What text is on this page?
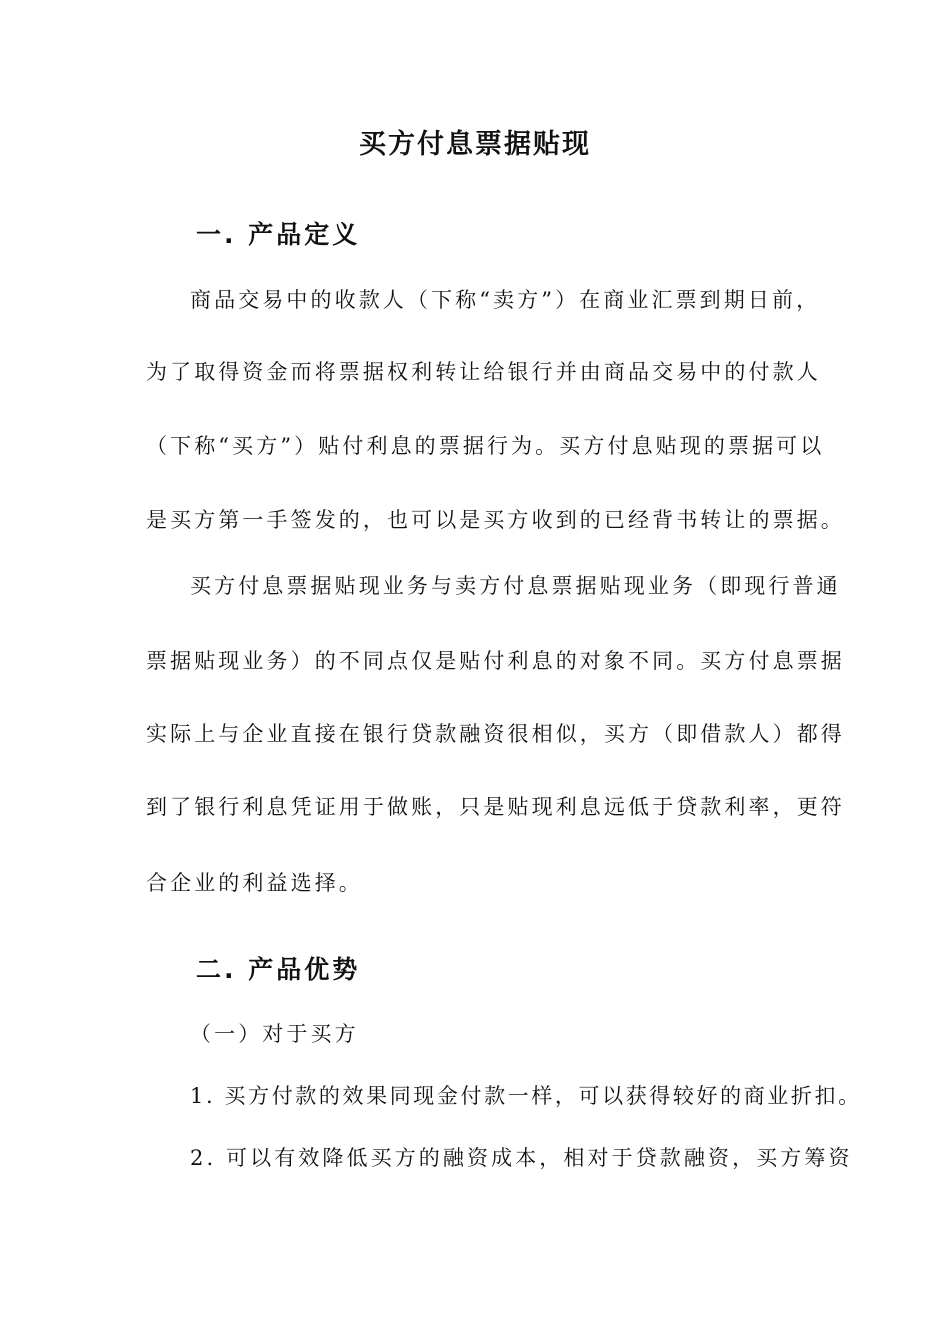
买方付息票据贴现
一. 产品定义
商品交易中的收款人（下称“卖方”）在商业汇票到期日前，
为了取得资金而将票据权利转让给银行并由商品交易中的付款人
（下称“买方”）贴付利息的票据行为。买方付息贴现的票据可以
是买方第一手签发的，也可以是买方收到的已经背书转让的票据。
买方付息票据贴现业务与卖方付息票据贴现业务（即现行普通
票据贴现业务）的不同点仅是贴付利息的对象不同。买方付息票据
实际上与企业直接在银行贷款融资很相似，买方（即借款人）都得
到了银行利息凭证用于做账，只是贴现利息远低于贷款利率，更符
合企业的利益选择。
二. 产品优势
（一）对于买方
1. 买方付款的效果同现金付款一样，可以获得较好的商业折扣。
2. 可以有效降低买方的融资成本，相对于贷款融资，买方筹资
